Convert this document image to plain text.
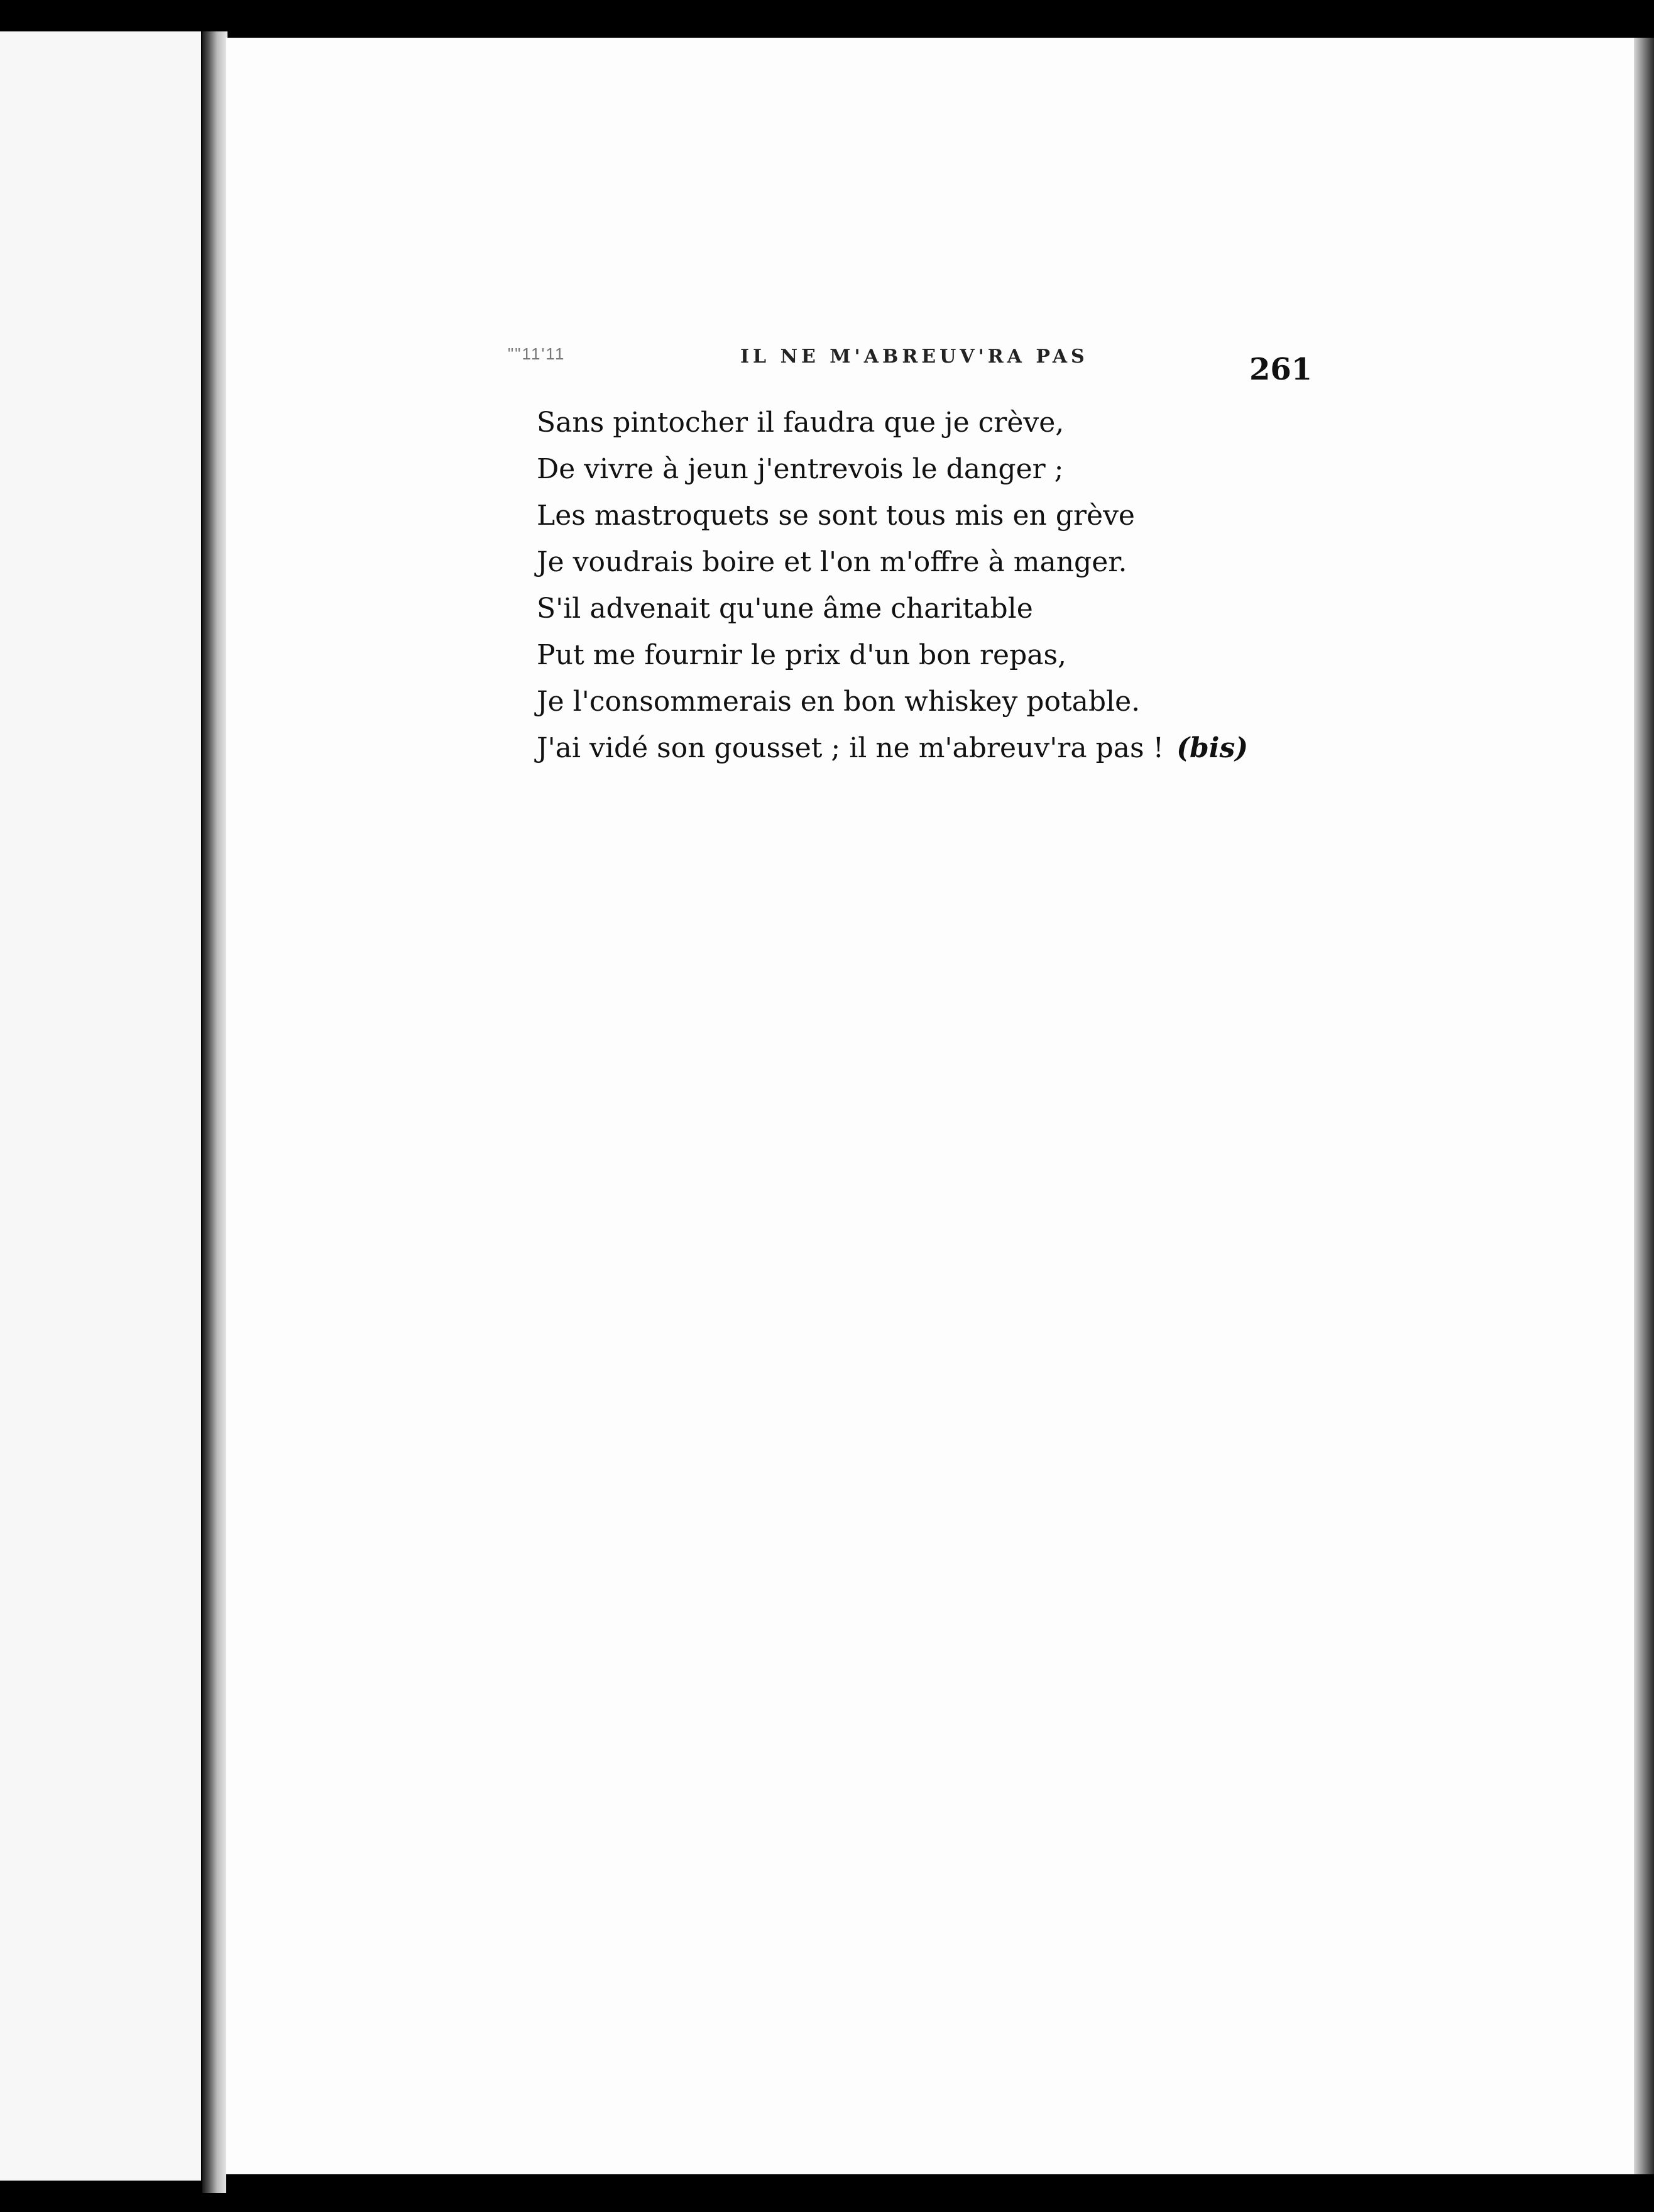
""11'11	IL NE M'ABREUV'RA PAS	261
Sans pintocher il faudra que je crève,
De vivre à jeun j'entrevois le danger ;
Les mastroquets se sont tous mis en grève
Je voudrais boire et l'on m'offre à manger.
S'il advenait qu'une âme charitable
Put me fournir le prix d'un bon repas,
Je l'consommerais en bon whiskey potable.
J'ai vidé son gousset ; il ne m'abreuv'ra pas ! (bis)
